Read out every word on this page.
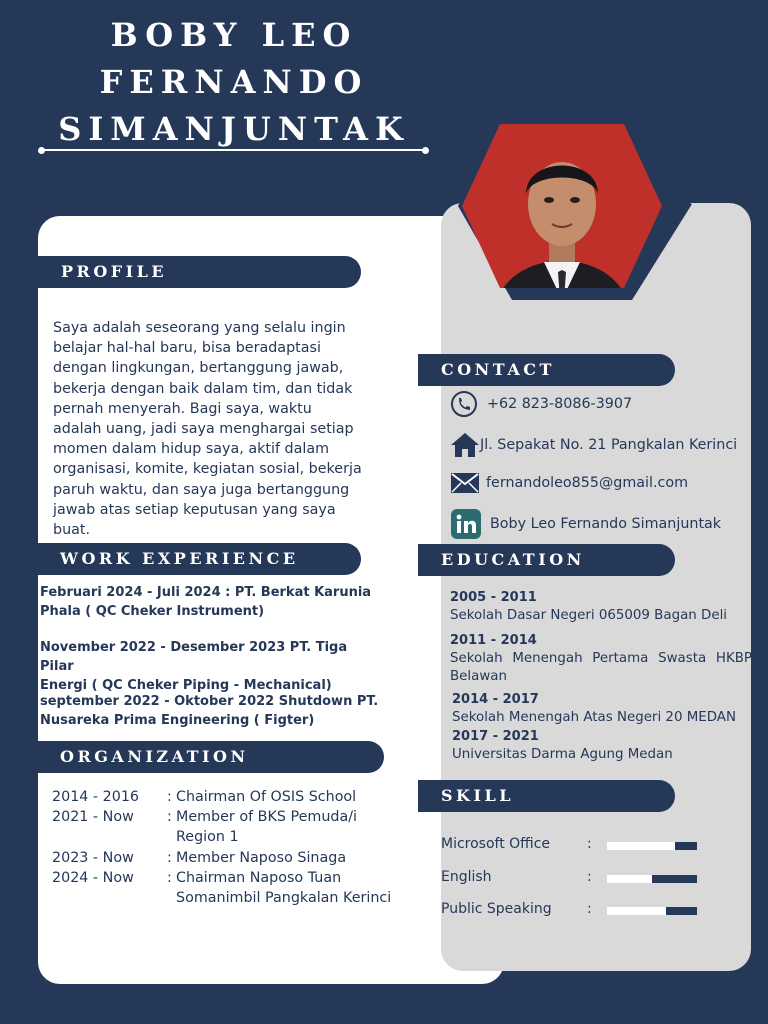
BOBY LEO
FERNANDO
SIMANJUNTAK
PROFILE
Saya adalah seseorang yang selalu ingin
belajar hal-hal baru, bisa beradaptasi
dengan lingkungan, bertanggung jawab,
bekerja dengan baik dalam tim, dan tidak
pernah menyerah. Bagi saya, waktu
adalah uang, jadi saya menghargai setiap
momen dalam hidup saya, aktif dalam
organisasi, komite, kegiatan sosial, bekerja
paruh waktu, dan saya juga bertanggung
jawab atas setiap keputusan yang saya
buat.
WORK EXPERIENCE
Februari 2024 - Juli 2024 : PT. Berkat Karunia
Phala ( QC Cheker Instrument)
November 2022 - Desember 2023 PT. Tiga Pilar
Energi ( QC Cheker Piping - Mechanical)
september 2022 - Oktober 2022 Shutdown PT.
Nusareka Prima Engineering ( Figter)
ORGANIZATION
2014 - 2016	: Chairman Of OSIS School
2021 - Now	: Member of BKS Pemuda/i Region 1
2023 - Now	: Member Naposo Sinaga
2024 - Now	: Chairman Naposo Tuan Somanimbil Pangkalan Kerinci
CONTACT
+62 823-8086-3907
Jl. Sepakat No. 21 Pangkalan Kerinci
fernandoleo855@gmail.com
Boby Leo Fernando Simanjuntak
EDUCATION
2005 - 2011
Sekolah Dasar Negeri 065009 Bagan Deli
2011 - 2014
Sekolah Menengah Pertama Swasta HKBP Belawan
2014 - 2017
Sekolah Menengah Atas Negeri 20 MEDAN
2017 - 2021
Universitas Darma Agung Medan
SKILL
Microsoft Office	:
English	:
Public Speaking	:
